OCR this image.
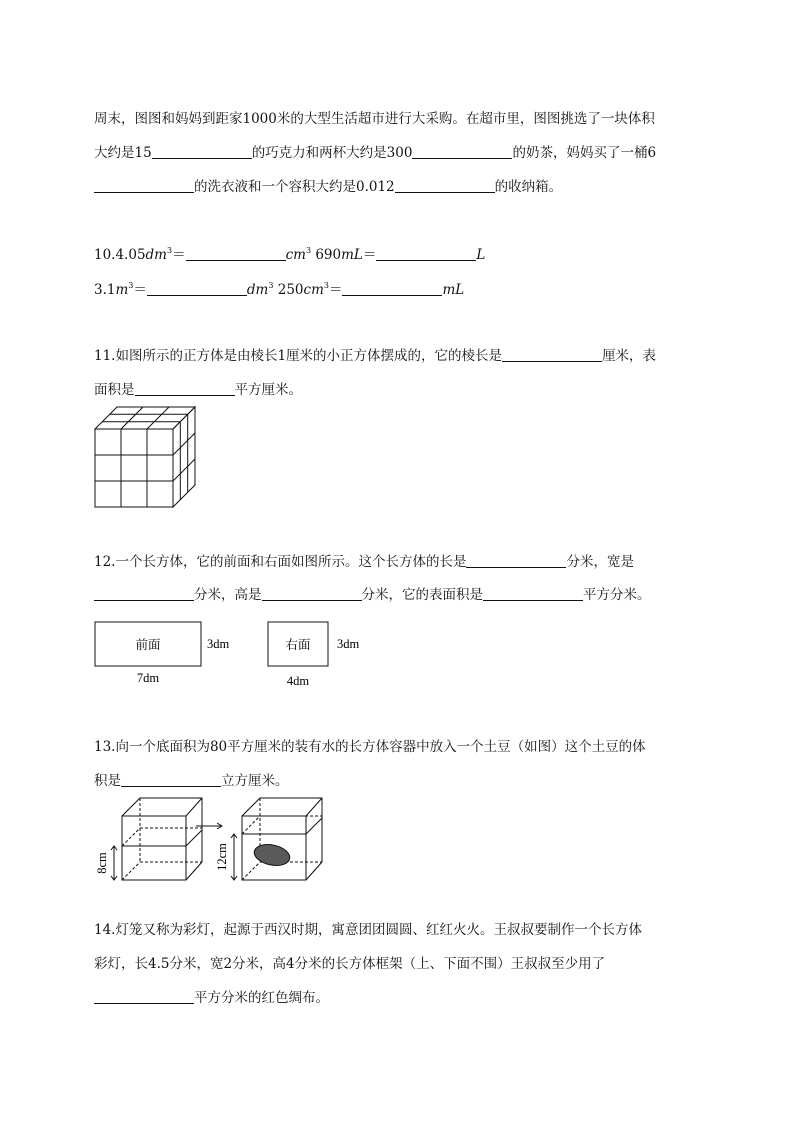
周末，图图和妈妈到距家1000米的大型生活超市进行大采购。在超市里，图图挑选了一块体积
大约是15	的巧克力和两杯大约是300	的奶茶，妈妈买了一桶6
的洗衣液和一个容积大约是0.012	的收纳箱。
$10.4.05dm^3=$	$cm^3$ 690mL＝	L
$3.1m^3=$	$dm^3$ $250cm^3=$	mL
11.如图所示的正方体是由棱长1厘米的小正方体摆成的，它的棱长是	厘米，表
面积是	平方厘米。
12.一个长方体，它的前面和右面如图所示。这个长方体的长是	分米，宽是
分米，高是	分米，它的表面积是	平方分米。
前面	3dm
7dm
右面 3dm
4dm
13.向一个底面积为80平方厘米的装有水的长方体容器中放入一个土豆（如图）这个土豆的体
积是	立方厘米。
8cm	12cm
14.灯笼又称为彩灯，起源于西汉时期，寓意团团圆圆、红红火火。王叔叔要制作一个长方体
彩灯，长4.5分米，宽2分米，高4分米的长方体框架（上、下面不围）王叔叔至少用了
平方分米的红色绸布。
